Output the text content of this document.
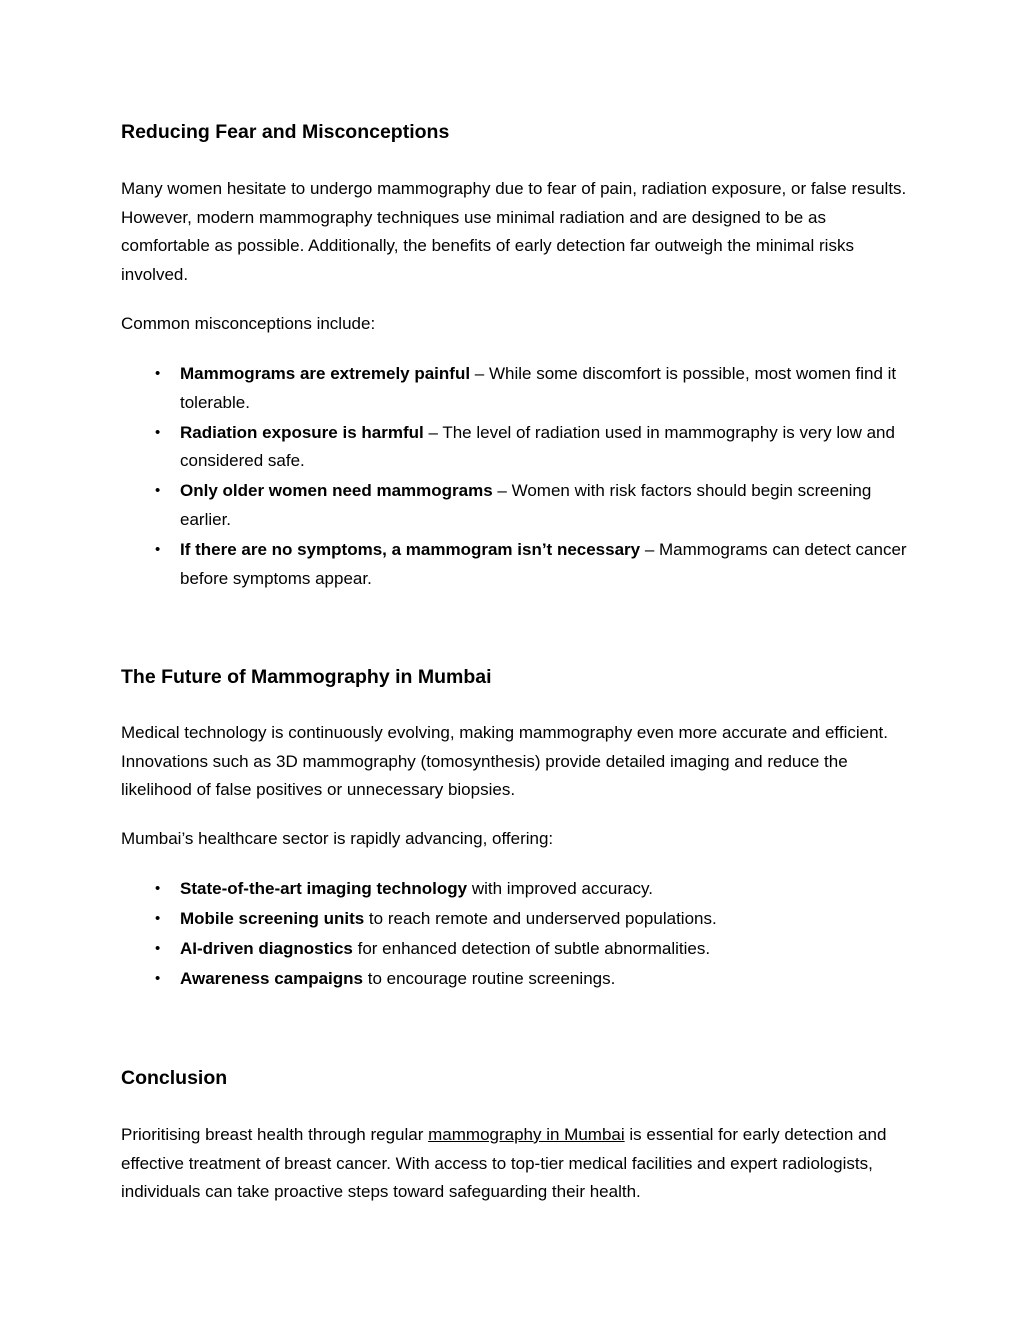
Reducing Fear and Misconceptions

Many women hesitate to undergo mammography due to fear of pain, radiation exposure, or false results. However, modern mammography techniques use minimal radiation and are designed to be as comfortable as possible. Additionally, the benefits of early detection far outweigh the minimal risks involved.

Common misconceptions include:

• Mammograms are extremely painful – While some discomfort is possible, most women find it tolerable.
• Radiation exposure is harmful – The level of radiation used in mammography is very low and considered safe.
• Only older women need mammograms – Women with risk factors should begin screening earlier.
• If there are no symptoms, a mammogram isn’t necessary – Mammograms can detect cancer before symptoms appear.
The Future of Mammography in Mumbai

Medical technology is continuously evolving, making mammography even more accurate and efficient. Innovations such as 3D mammography (tomosynthesis) provide detailed imaging and reduce the likelihood of false positives or unnecessary biopsies.

Mumbai’s healthcare sector is rapidly advancing, offering:

• State-of-the-art imaging technology with improved accuracy.
• Mobile screening units to reach remote and underserved populations.
• AI-driven diagnostics for enhanced detection of subtle abnormalities.
• Awareness campaigns to encourage routine screenings.
Conclusion

Prioritising breast health through regular mammography in Mumbai is essential for early detection and effective treatment of breast cancer. With access to top-tier medical facilities and expert radiologists, individuals can take proactive steps toward safeguarding their health.
